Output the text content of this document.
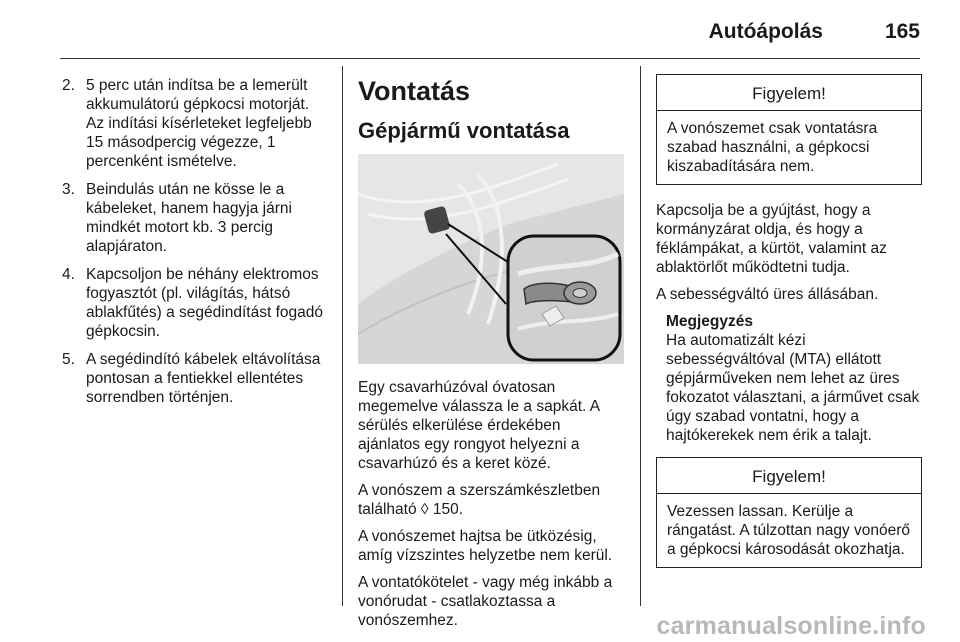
Autóápolás	165
2. 5 perc után indítsa be a lemerült akkumulátorú gépkocsi motorját. Az indítási kísérleteket legfeljebb 15 másodpercig végezze, 1 percenként ismételve.
3. Beindulás után ne kösse le a kábeleket, hanem hagyja járni mindkét motort kb. 3 percig alapjáraton.
4. Kapcsoljon be néhány elektromos fogyasztót (pl. világítás, hátsó ablakfűtés) a segédindítást fogadó gépkocsin.
5. A segédindító kábelek eltávolítása pontosan a fentiekkel ellentétes sorrendben történjen.
Vontatás
Gépjármű vontatása

Egy csavarhúzóval óvatosan megemelve válassza le a sapkát. A sérülés elkerülése érdekében ajánlatos egy rongyot helyezni a csavarhúzó és a keret közé.

A vonószem a szerszámkészletben található ◊ 150.

A vonószemet hajtsa be ütközésig, amíg vízszintes helyzetbe nem kerül.

A vontatókötelet - vagy még inkább a vonórudat - csatlakoztassa a vonószemhez.

Figyelem!
A vonószemet csak vontatásra szabad használni, a gépkocsi kiszabadítására nem.

Kapcsolja be a gyújtást, hogy a kormányzárat oldja, és hogy a féklámpákat, a kürtöt, valamint az ablaktörlőt működtetni tudja.

A sebességváltó üres állásában.

Megjegyzés
Ha automatizált kézi sebességváltóval (MTA) ellátott gépjárműveken nem lehet az üres fokozatot választani, a járművet csak úgy szabad vontatni, hogy a hajtókerekek nem érik a talajt.
Figyelem!
Vezessen lassan. Kerülje a rángatást. A túlzottan nagy vonóerő a gépkocsi károsodását okozhatja.
carmanualsonline.info
